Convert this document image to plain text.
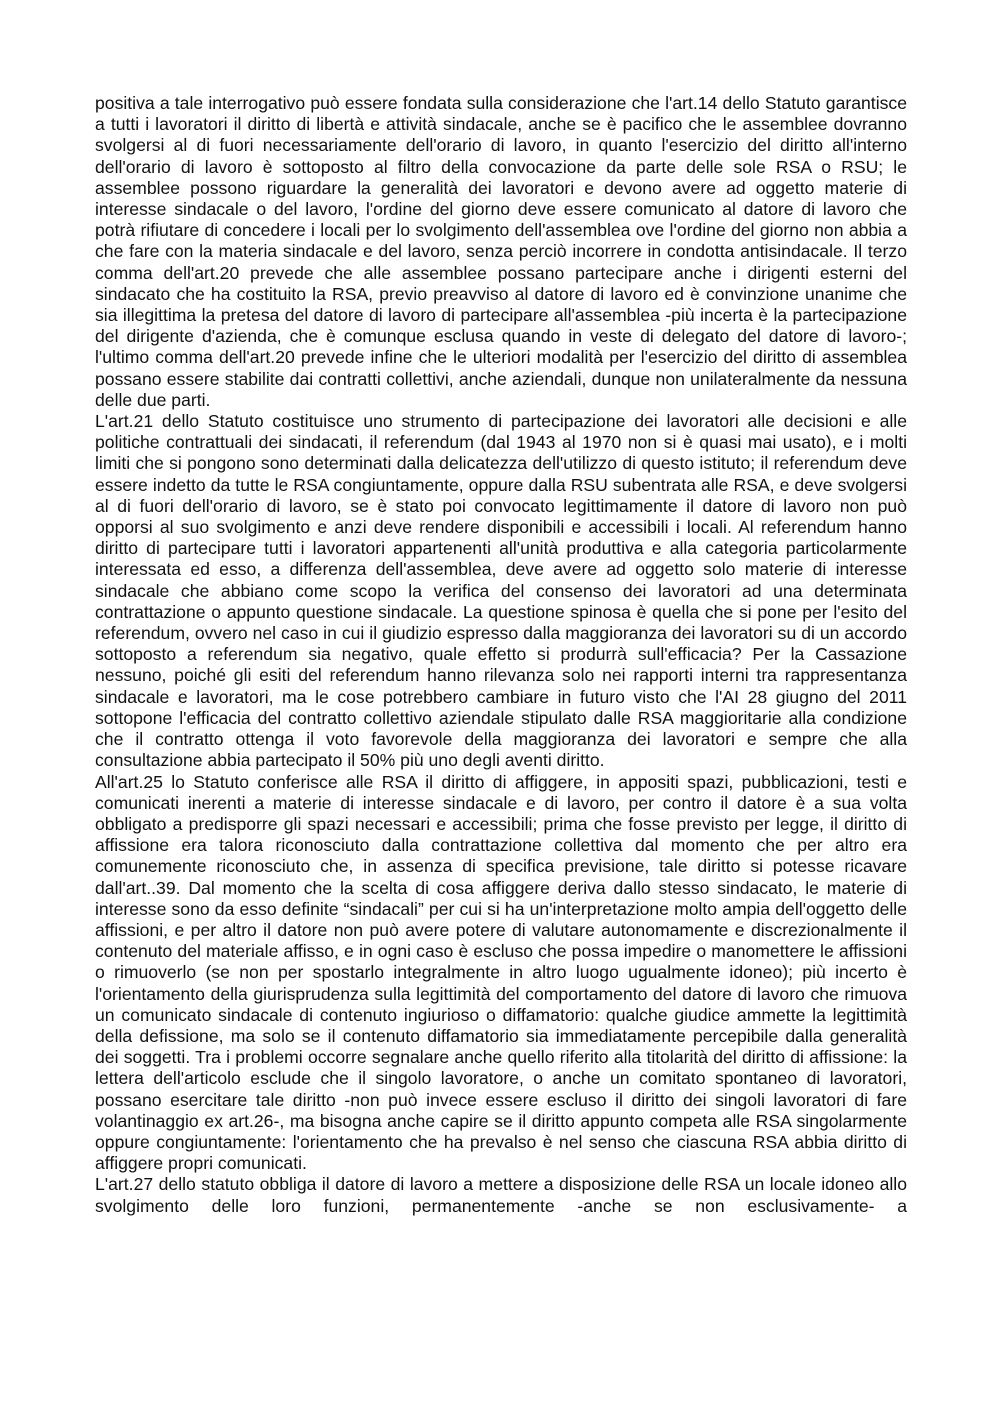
positiva a tale interrogativo può essere fondata sulla considerazione che l'art.14 dello Statuto garantisce a tutti i lavoratori il diritto di libertà e attività sindacale, anche se è pacifico che le assemblee dovranno svolgersi al di fuori necessariamente dell'orario di lavoro, in quanto l'esercizio del diritto all'interno dell'orario di lavoro è sottoposto al filtro della convocazione da parte delle sole RSA o RSU; le assemblee possono riguardare la generalità dei lavoratori e devono avere ad oggetto materie di interesse sindacale o del lavoro, l'ordine del giorno deve essere comunicato al datore di lavoro che potrà rifiutare di concedere i locali per lo svolgimento dell'assemblea ove l'ordine del giorno non abbia a che fare con la materia sindacale e del lavoro, senza perciò incorrere in condotta antisindacale. Il terzo comma dell'art.20 prevede che alle assemblee possano partecipare anche i dirigenti esterni del sindacato che ha costituito la RSA, previo preavviso al datore di lavoro ed è convinzione unanime che sia illegittima la pretesa del datore di lavoro di partecipare all'assemblea -più incerta è la partecipazione del dirigente d'azienda, che è comunque esclusa quando in veste di delegato del datore di lavoro-; l'ultimo comma dell'art.20 prevede infine che le ulteriori modalità per l'esercizio del diritto di assemblea possano essere stabilite dai contratti collettivi, anche aziendali, dunque non unilateralmente da nessuna delle due parti.

L'art.21 dello Statuto costituisce uno strumento di partecipazione dei lavoratori alle decisioni e alle politiche contrattuali dei sindacati, il referendum (dal 1943 al 1970 non si è quasi mai usato), e i molti limiti che si pongono sono determinati dalla delicatezza dell'utilizzo di questo istituto; il referendum deve essere indetto da tutte le RSA congiuntamente, oppure dalla RSU subentrata alle RSA, e deve svolgersi al di fuori dell'orario di lavoro, se è stato poi convocato legittimamente il datore di lavoro non può opporsi al suo svolgimento e anzi deve rendere disponibili e accessibili i locali. Al referendum hanno diritto di partecipare tutti i lavoratori appartenenti all'unità produttiva e alla categoria particolarmente interessata ed esso, a differenza dell'assemblea, deve avere ad oggetto solo materie di interesse sindacale che abbiano come scopo la verifica del consenso dei lavoratori ad una determinata contrattazione o appunto questione sindacale. La questione spinosa è quella che si pone per l'esito del referendum, ovvero nel caso in cui il giudizio espresso dalla maggioranza dei lavoratori su di un accordo sottoposto a referendum sia negativo, quale effetto si produrrà sull'efficacia? Per la Cassazione nessuno, poiché gli esiti del referendum hanno rilevanza solo nei rapporti interni tra rappresentanza sindacale e lavoratori, ma le cose potrebbero cambiare in futuro visto che l'AI 28 giugno del 2011 sottopone l'efficacia del contratto collettivo aziendale stipulato dalle RSA maggioritarie alla condizione che il contratto ottenga il voto favorevole della maggioranza dei lavoratori e sempre che alla consultazione abbia partecipato il 50% più uno degli aventi diritto.

All'art.25 lo Statuto conferisce alle RSA il diritto di affiggere, in appositi spazi, pubblicazioni, testi e comunicati inerenti a materie di interesse sindacale e di lavoro, per contro il datore è a sua volta obbligato a predisporre gli spazi necessari e accessibili; prima che fosse previsto per legge, il diritto di affissione era talora riconosciuto dalla contrattazione collettiva dal momento che per altro era comunemente riconosciuto che, in assenza di specifica previsione, tale diritto si potesse ricavare dall'art..39. Dal momento che la scelta di cosa affiggere deriva dallo stesso sindacato, le materie di interesse sono da esso definite “sindacali” per cui si ha un'interpretazione molto ampia dell'oggetto delle affissioni, e per altro il datore non può avere potere di valutare autonomamente e discrezionalmente il contenuto del materiale affisso, e in ogni caso è escluso che possa impedire o manomettere le affissioni o rimuoverlo (se non per spostarlo integralmente in altro luogo ugualmente idoneo); più incerto è l'orientamento della giurisprudenza sulla legittimità del comportamento del datore di lavoro che rimuova un comunicato sindacale di contenuto ingiurioso o diffamatorio: qualche giudice ammette la legittimità della defissione, ma solo se il contenuto diffamatorio sia immediatamente percepibile dalla generalità dei soggetti. Tra i problemi occorre segnalare anche quello riferito alla titolarità del diritto di affissione: la lettera dell'articolo esclude che il singolo lavoratore, o anche un comitato spontaneo di lavoratori, possano esercitare tale diritto -non può invece essere escluso il diritto dei singoli lavoratori di fare volantinaggio ex art.26-, ma bisogna anche capire se il diritto appunto competa alle RSA singolarmente oppure congiuntamente: l'orientamento che ha prevalso è nel senso che ciascuna RSA abbia diritto di affiggere propri comunicati.

L'art.27 dello statuto obbliga il datore di lavoro a mettere a disposizione delle RSA un locale idoneo allo svolgimento delle loro funzioni, permanentemente -anche se non esclusivamente- a
